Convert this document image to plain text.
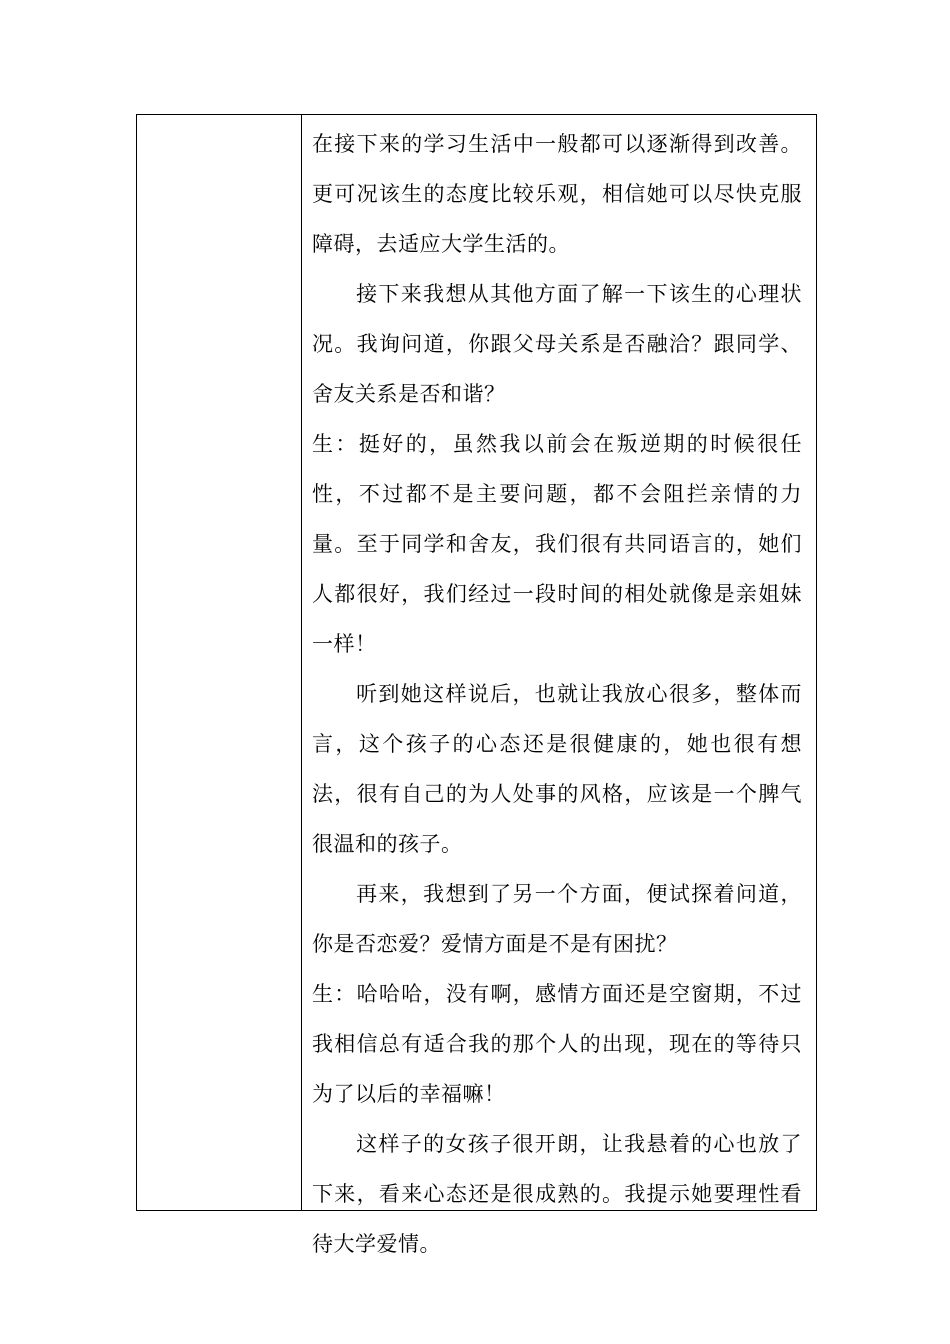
在接下来的学习生活中一般都可以逐渐得到改善。更可况该生的态度比较乐观，相信她可以尽快克服障碍，去适应大学生活的。

接下来我想从其他方面了解一下该生的心理状况。我询问道，你跟父母关系是否融洽？跟同学、舍友关系是否和谐？

生：挺好的，虽然我以前会在叛逆期的时候很任性，不过都不是主要问题，都不会阻拦亲情的力量。至于同学和舍友，我们很有共同语言的，她们人都很好，我们经过一段时间的相处就像是亲姐妹一样！

听到她这样说后，也就让我放心很多，整体而言，这个孩子的心态还是很健康的，她也很有想法，很有自己的为人处事的风格，应该是一个脾气很温和的孩子。

再来，我想到了另一个方面，便试探着问道，你是否恋爱？爱情方面是不是有困扰？

生：哈哈哈，没有啊，感情方面还是空窗期，不过我相信总有适合我的那个人的出现，现在的等待只为了以后的幸福嘛！

这样子的女孩子很开朗，让我悬着的心也放了下来，看来心态还是很成熟的。我提示她要理性看待大学爱情。
